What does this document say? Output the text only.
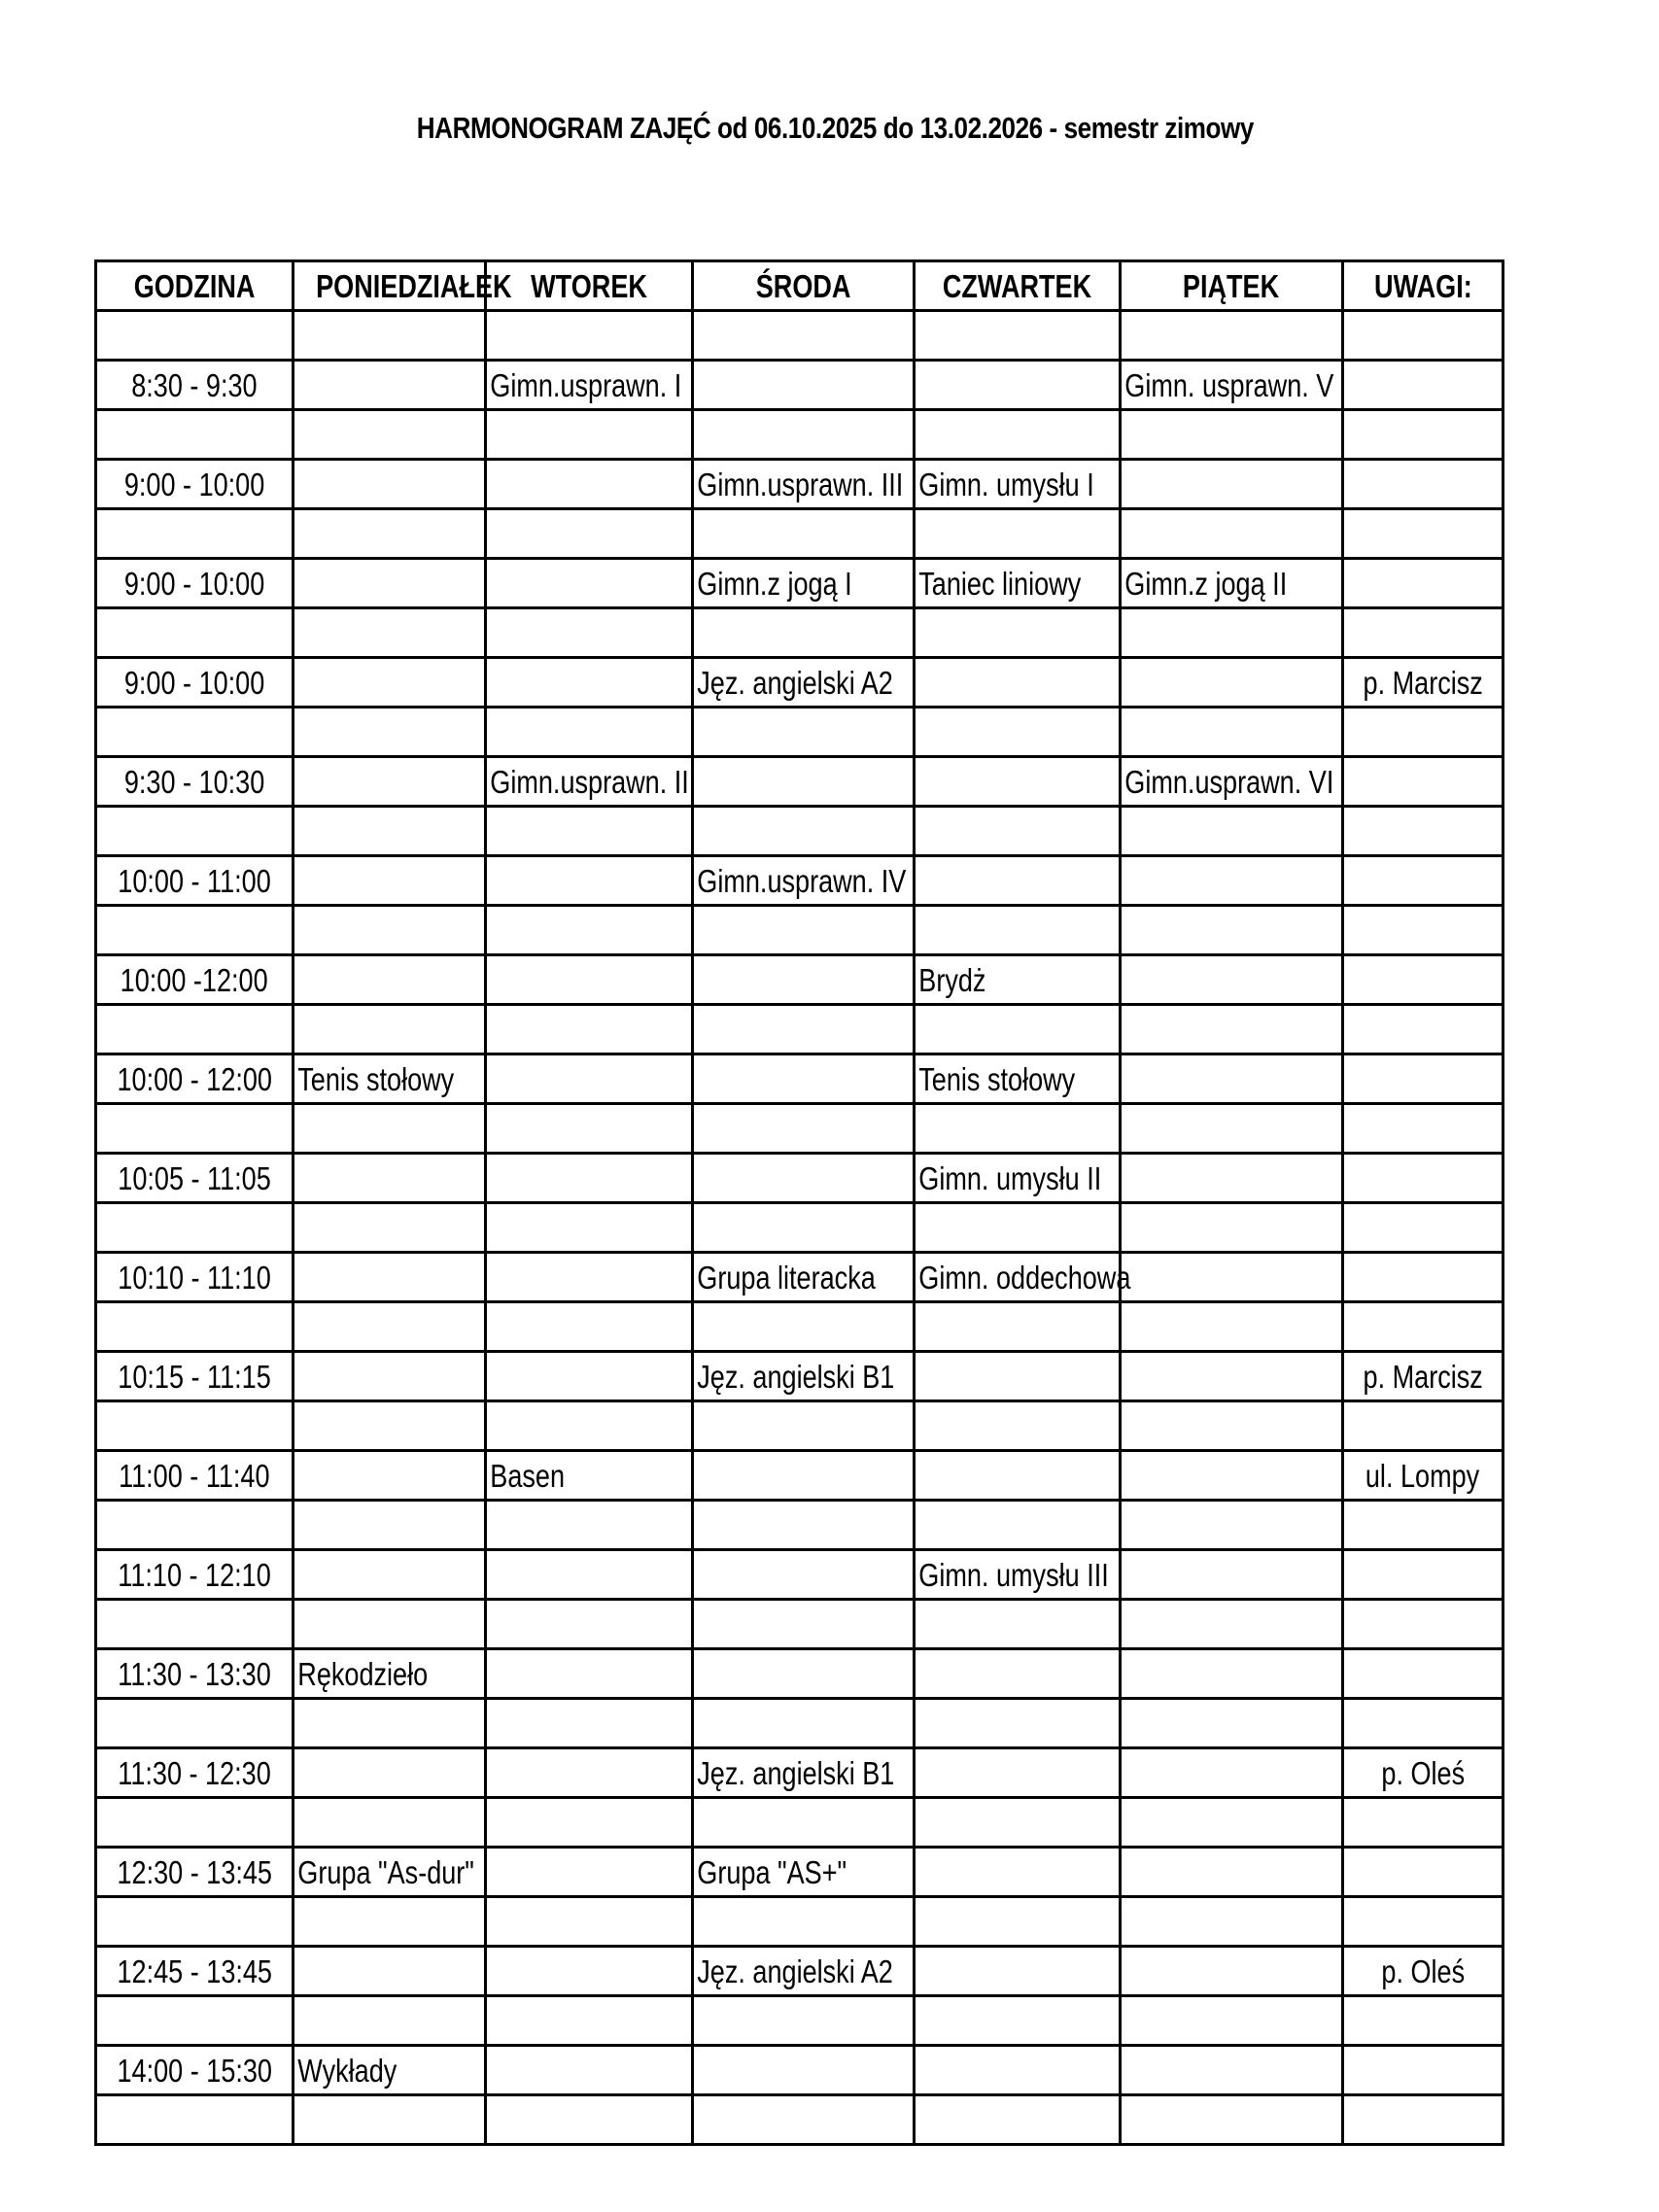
HARMONOGRAM ZAJĘĆ od 06.10.2025 do 13.02.2026 - semestr zimowy
GODZINA	PONIEDZIAŁEK	WTOREK	ŚRODA	CZWARTEK	PIĄTEK	UWAGI:

8:30 - 9:30		Gimn.usprawn. I			Gimn. usprawn. V	

9:00 - 10:00			Gimn.usprawn. III	Gimn. umysłu I		

9:00 - 10:00			Gimn.z jogą I	Taniec liniowy	Gimn.z jogą II	

9:00 - 10:00			Jęz. angielski A2			p. Marcisz

9:30 - 10:30		Gimn.usprawn. II			Gimn.usprawn. VI	

10:00 - 11:00			Gimn.usprawn. IV			

10:00 -12:00				Brydż		

10:00 - 12:00	Tenis stołowy			Tenis stołowy		

10:05 - 11:05				Gimn. umysłu II		

10:10 - 11:10			Grupa literacka	Gimn. oddechowa		

10:15 - 11:15			Jęz. angielski B1			p. Marcisz

11:00 - 11:40		Basen				ul. Lompy

11:10 - 12:10				Gimn. umysłu III		

11:30 - 13:30	Rękodzieło					

11:30 - 12:30			Jęz. angielski B1			p. Oleś

12:30 - 13:45	Grupa "As-dur"		Grupa "AS+"			

12:45 - 13:45			Jęz. angielski A2			p. Oleś

14:00 - 15:30	Wykłady					
